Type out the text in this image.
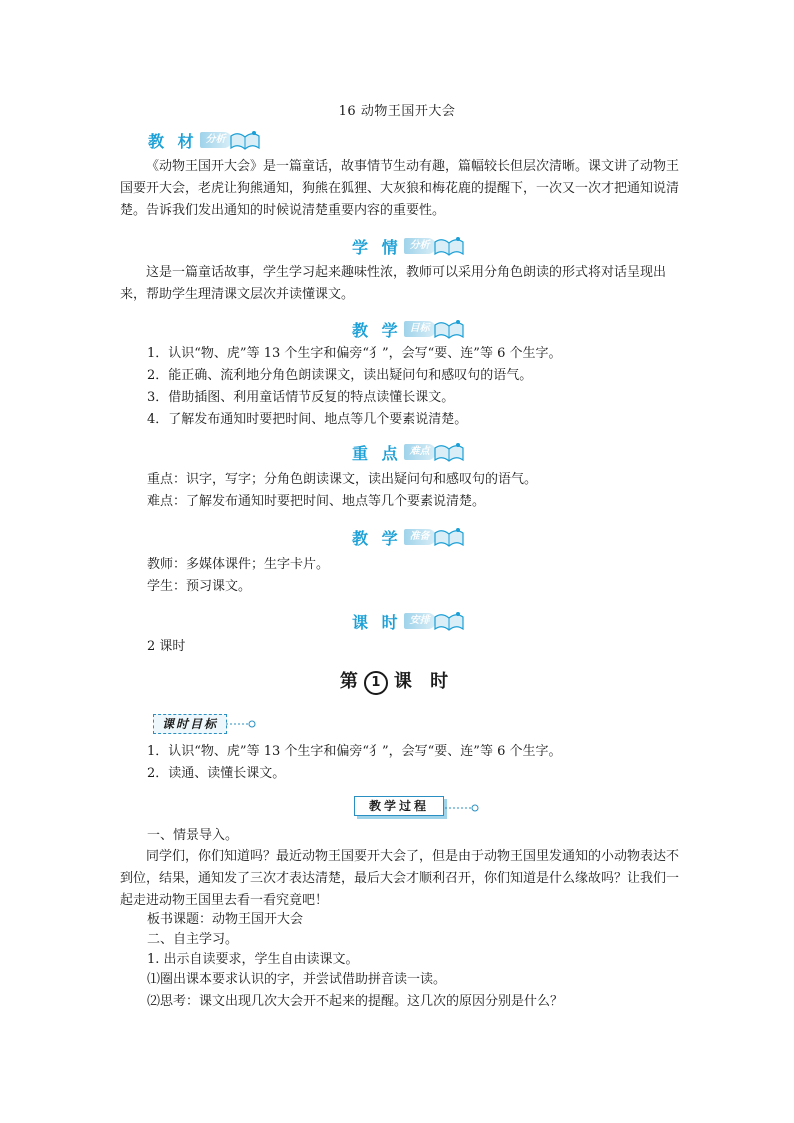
16 动物王国开大会
教 材 分析

《动物王国开大会》是一篇童话，故事情节生动有趣，篇幅较长但层次清晰。课文讲了动物王国要开大会，老虎让狗熊通知，狗熊在狐狸、大灰狼和梅花鹿的提醒下，一次又一次才把通知说清楚。告诉我们发出通知的时候说清楚重要内容的重要性。

学 情 分析

这是一篇童话故事，学生学习起来趣味性浓，教师可以采用分角色朗读的形式将对话呈现出来，帮助学生理清课文层次并读懂课文。

教 学 目标
1．认识“物、虎”等 13 个生字和偏旁“犭”，会写“要、连”等 6 个生字。
2．能正确、流利地分角色朗读课文，读出疑问句和感叹句的语气。
3．借助插图、利用童话情节反复的特点读懂长课文。
4．了解发布通知时要把时间、地点等几个要素说清楚。
重 点 难点
重点：识字，写字；分角色朗读课文，读出疑问句和感叹句的语气。
难点：了解发布通知时要把时间、地点等几个要素说清楚。
教 学 准备
教师：多媒体课件；生字卡片。
学生：预习课文。
课 时 安排
2 课时
第 1 课 时
课时目标
1．认识“物、虎”等 13 个生字和偏旁“犭”，会写“要、连”等 6 个生字。
2．读通、读懂长课文。
教学过程
一、情景导入。

同学们，你们知道吗？最近动物王国要开大会了，但是由于动物王国里发通知的小动物表达不到位，结果，通知发了三次才表达清楚，最后大会才顺利召开，你们知道是什么缘故吗？让我们一起走进动物王国里去看一看究竟吧！

板书课题：动物王国开大会
二、自主学习。
1. 出示自读要求，学生自由读课文。
⑴圈出课本要求认识的字，并尝试借助拼音读一读。
⑵思考：课文出现几次大会开不起来的提醒。这几次的原因分别是什么？
